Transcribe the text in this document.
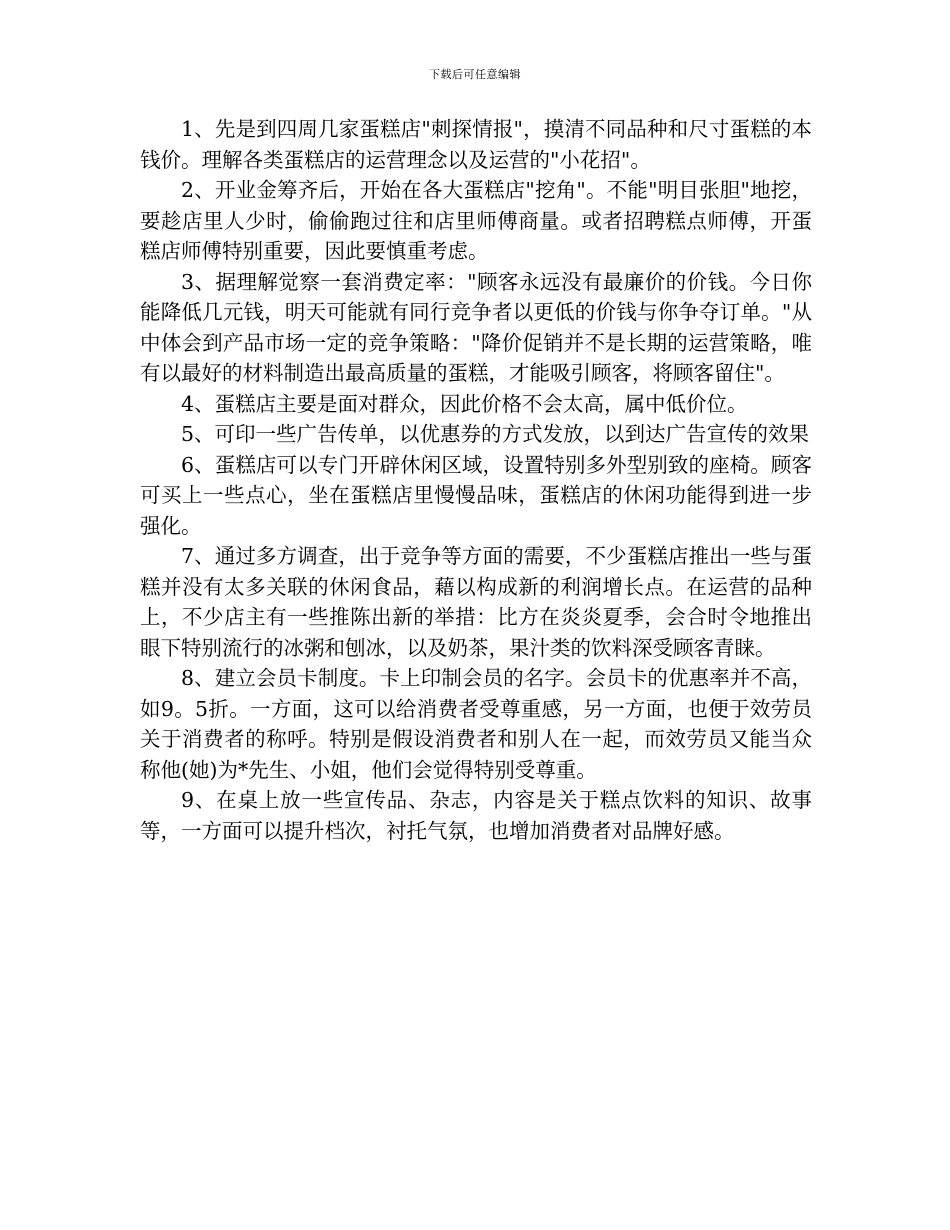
下载后可任意编辑

1、先是到四周几家蛋糕店"刺探情报"，摸清不同品种和尺寸蛋糕的本钱价。理解各类蛋糕店的运营理念以及运营的"小花招"。

2、开业金筹齐后，开始在各大蛋糕店"挖角"。不能"明目张胆"地挖，要趁店里人少时，偷偷跑过往和店里师傅商量。或者招聘糕点师傅，开蛋糕店师傅特别重要，因此要慎重考虑。

3、据理解觉察一套消费定率："顾客永远没有最廉价的价钱。今日你能降低几元钱，明天可能就有同行竞争者以更低的价钱与你争夺订单。"从中体会到产品市场一定的竞争策略："降价促销并不是长期的运营策略，唯有以最好的材料制造出最高质量的蛋糕，才能吸引顾客，将顾客留住"。

4、蛋糕店主要是面对群众，因此价格不会太高，属中低价位。

5、可印一些广告传单，以优惠券的方式发放，以到达广告宣传的效果

6、蛋糕店可以专门开辟休闲区域，设置特别多外型别致的座椅。顾客可买上一些点心，坐在蛋糕店里慢慢品味，蛋糕店的休闲功能得到进一步强化。

7、通过多方调查，出于竞争等方面的需要，不少蛋糕店推出一些与蛋糕并没有太多关联的休闲食品，藉以构成新的利润增长点。在运营的品种上，不少店主有一些推陈出新的举措：比方在炎炎夏季，会合时令地推出眼下特别流行的冰粥和刨冰，以及奶茶，果汁类的饮料深受顾客青睐。

8、建立会员卡制度。卡上印制会员的名字。会员卡的优惠率并不高，如9。5折。一方面，这可以给消费者受尊重感，另一方面，也便于效劳员关于消费者的称呼。特别是假设消费者和别人在一起，而效劳员又能当众称他(她)为*先生、小姐，他们会觉得特别受尊重。

9、在桌上放一些宣传品、杂志，内容是关于糕点饮料的知识、故事等，一方面可以提升档次，衬托气氛，也增加消费者对品牌好感。
